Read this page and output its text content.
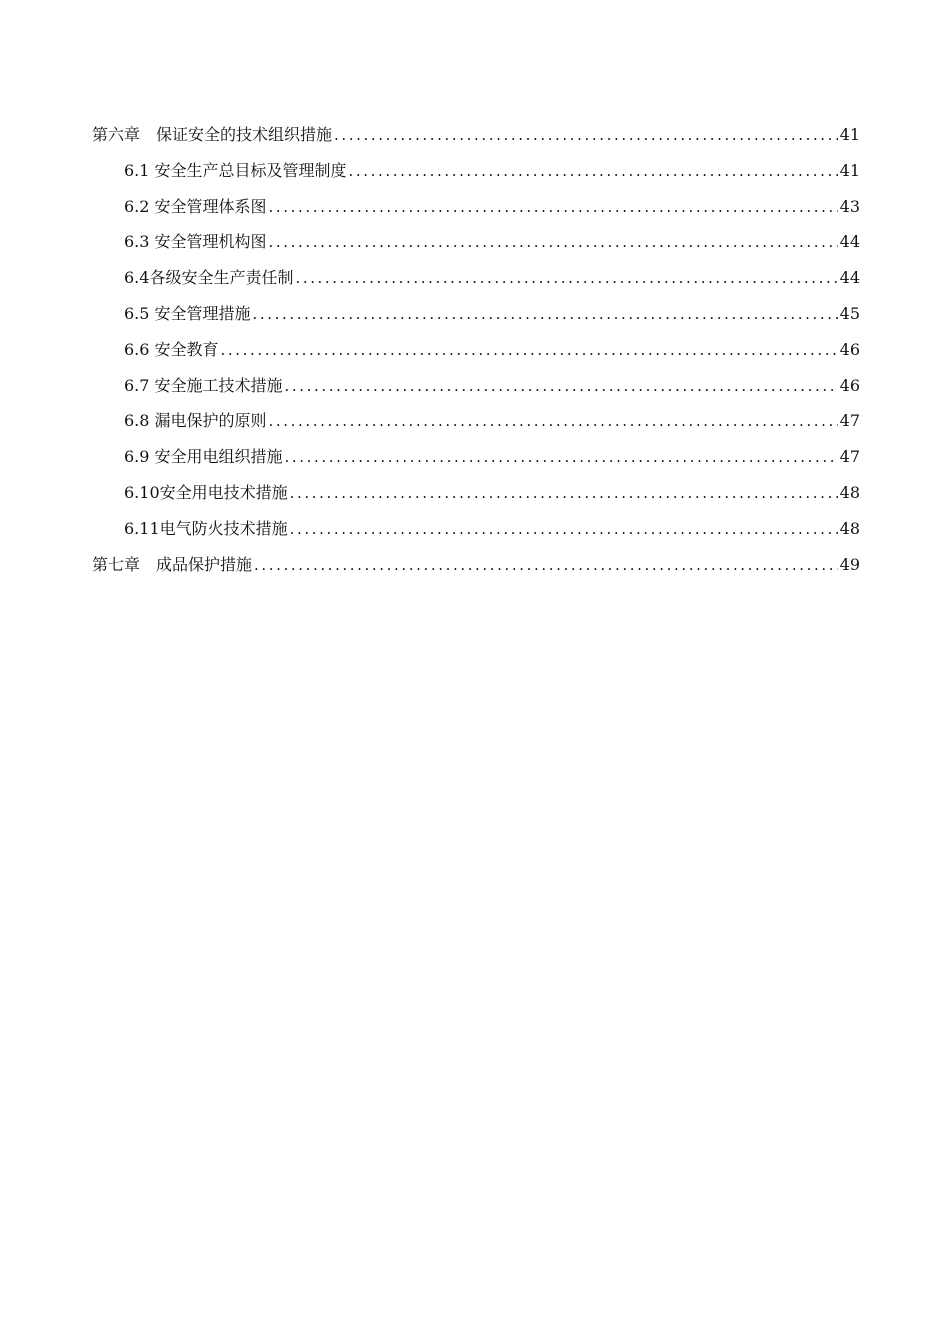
第六章　保证安全的技术组织措施 .....	41
6.1 安全生产总目标及管理制度 .....	41
6.2 安全管理体系图 .....	43
6.3 安全管理机构图 .....	44
6.4各级安全生产责任制 .....	44
6.5 安全管理措施 .....	45
6.6 安全教育 .....	46
6.7 安全施工技术措施 .....	46
6.8 漏电保护的原则 .....	47
6.9 安全用电组织措施 .....	47
6.10安全用电技术措施 .....	48
6.11电气防火技术措施 .....	48
第七章　成品保护措施 .....	49
